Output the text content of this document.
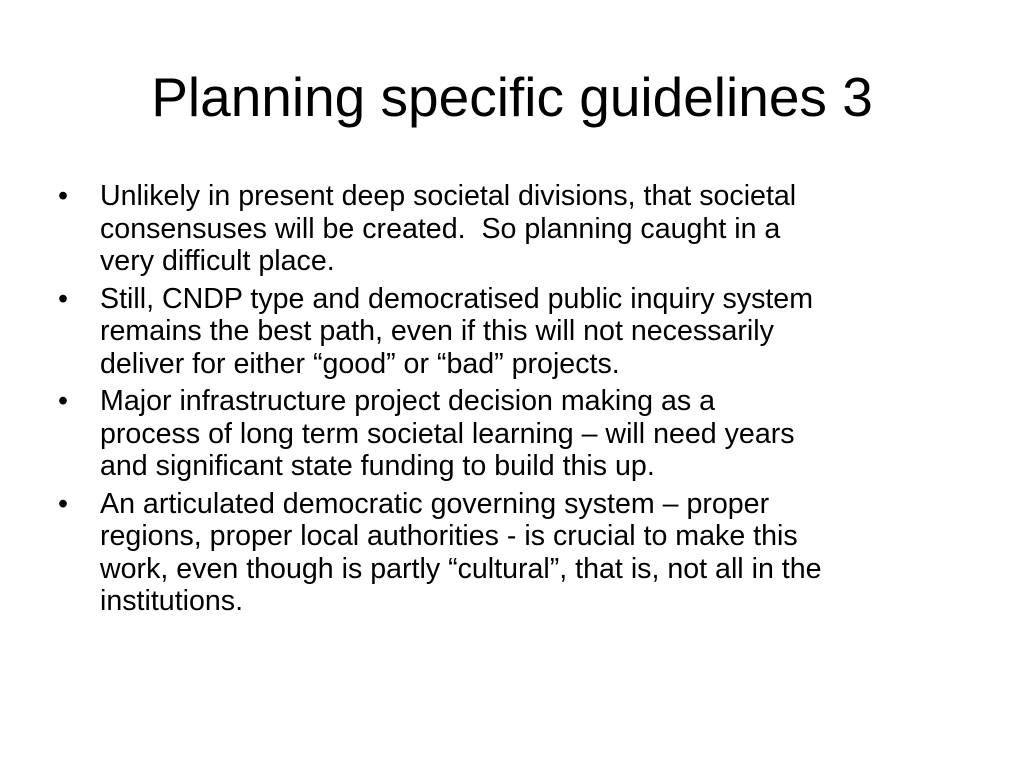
Planning specific guidelines 3
•	Unlikely in present deep societal divisions, that societal
consensuses will be created.  So planning caught in a
very difficult place.
•	Still, CNDP type and democratised public inquiry system
remains the best path, even if this will not necessarily
deliver for either “good” or “bad” projects.
•	Major infrastructure project decision making as a
process of long term societal learning – will need years
and significant state funding to build this up.
•	An articulated democratic governing system – proper
regions, proper local authorities - is crucial to make this
work, even though is partly “cultural”, that is, not all in the
institutions.
